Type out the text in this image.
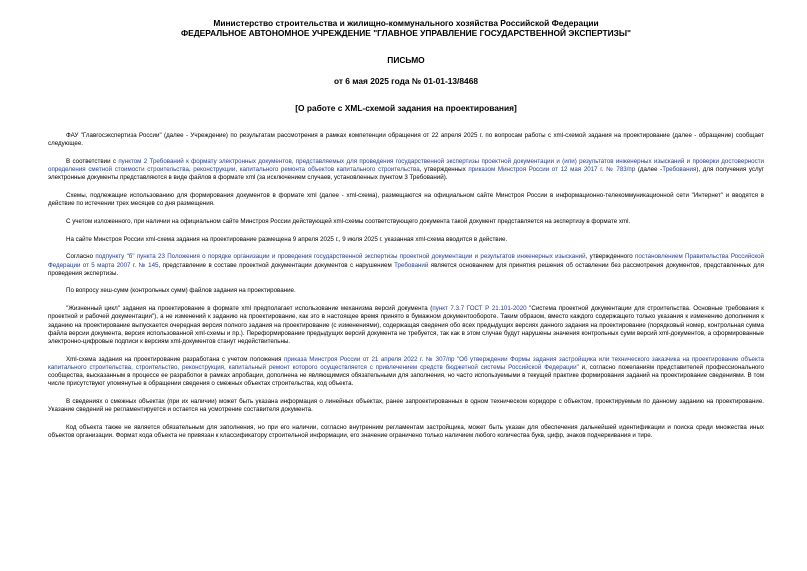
Министерство строительства и жилищно-коммунального хозяйства Российской Федерации
ФЕДЕРАЛЬНОЕ АВТОНОМНОЕ УЧРЕЖДЕНИЕ "ГЛАВНОЕ УПРАВЛЕНИЕ ГОСУДАРСТВЕННОЙ ЭКСПЕРТИЗЫ"
ПИСЬМО
от 6 мая 2025 года № 01-01-13/8468
[О работе с XML-схемой задания на проектирования]

ФАУ "Главгосэкспертиза России" (далее - Учреждение) по результатам рассмотрения в рамках компетенции обращения от 22 апреля 2025 г. по вопросам работы с xml-схемой задания на проектирование (далее - обращение) сообщает следующее.

В соответствии с пунктом 2 Требований к формату электронных документов, представляемых для проведения государственной экспертизы проектной документации и (или) результатов инженерных изысканий и проверки достоверности определения сметной стоимости строительства, реконструкции, капитального ремонта объектов капитального строительства, утвержденных приказом Минстроя России от 12 мая 2017 г. № 783/пр (далее -Требования), для получения услуг электронные документы представляются в виде файлов в формате xml (за исключением случаев, установленных пунктом 3 Требований).

Схемы, подлежащие использованию для формирования документов в формате xml (далее - xml-схема), размещаются на официальном сайте Минстроя России в информационно-телекоммуникационной сети "Интернет" и вводятся в действие по истечении трех месяцев со дня размещения.

С учетом изложенного, при наличии на официальном сайте Минстроя России действующей xml-схемы соответствующего документа такой документ представляется на экспертизу в формате xml.

На сайте Минстроя России xml-схема задания на проектирование размещена 9 апреля 2025 г., 9 июля 2025 г. указанная xml-схема вводится в действие.

Согласно подпункту "б" пункта 23 Положения о порядке организации и проведения государственной экспертизы проектной документации и результатов инженерных изысканий, утвержденного постановлением Правительства Российской Федерации от 5 марта 2007 г. № 145, представление в составе проектной документации документов с нарушением Требований является основанием для принятия решения об оставлении без рассмотрения документов, представленных для проведения экспертизы.

По вопросу хеш-сумм (контрольных сумм) файлов задания на проектирование.

"Жизненный цикл" задания на проектирование в формате xml предполагает использование механизма версий документа (пункт 7.3.7 ГОСТ Р 21.101-2020 "Система проектной документации для строительства. Основные требования к проектной и рабочей документации"), а не изменений к заданию на проектирование, как это в настоящее время принято в бумажном документообороте. Таким образом, вместо каждого содержащего только указания к изменению дополнения к заданию на проектирование выпускается очередная версия полного задания на проектирование (с изменениями), содержащая сведения обо всех предыдущих версиях данного задания на проектирование (порядковый номер, контрольная сумма файла версии документа, версия использованной xml-схемы и пр.). Переформирование предыдущих версий документа не требуется, так как в этом случае будут нарушены значения контрольных сумм версий xml-документов, а сформированные электронно-цифровые подписи к версиям xml-документов станут недействительны.

Xml-схема задания на проектирование разработана с учетом положения приказа Минстроя России от 21 апреля 2022 г. № 307/пр "Об утверждении Формы задания застройщика или технического заказчика на проектирование объекта капитального строительства, строительство, реконструкция, капитальный ремонт которого осуществляется с привлечением средств бюджетной системы Российской Федерации" и, согласно пожеланиям представителей профессионального сообщества, высказанным в процессе ее разработки в рамках апробации, дополнена не являющимися обязательными для заполнения, но часто используемыми в текущей практике формирования заданий на проектирование сведениями. В том числе присутствуют упомянутые в обращении сведения о смежных объектах строительства, код объекта.

В сведениях о смежных объектах (при их наличии) может быть указана информация о линейных объектах, ранее запроектированных в одном техническом коридоре с объектом, проектируемым по данному заданию на проектирование. Указание сведений не регламентируется и остается на усмотрение составителя документа.

Код объекта также не является обязательным для заполнения, но при его наличии, согласно внутренним регламентам застройщика, может быть указан для обеспечения дальнейшей идентификации и поиска среди множества иных объектов организации. Формат кода объекта не привязан к классификатору строительной информации, его значение ограничено только наличием любого количества букв, цифр, знаков подчеркивания и тире.
